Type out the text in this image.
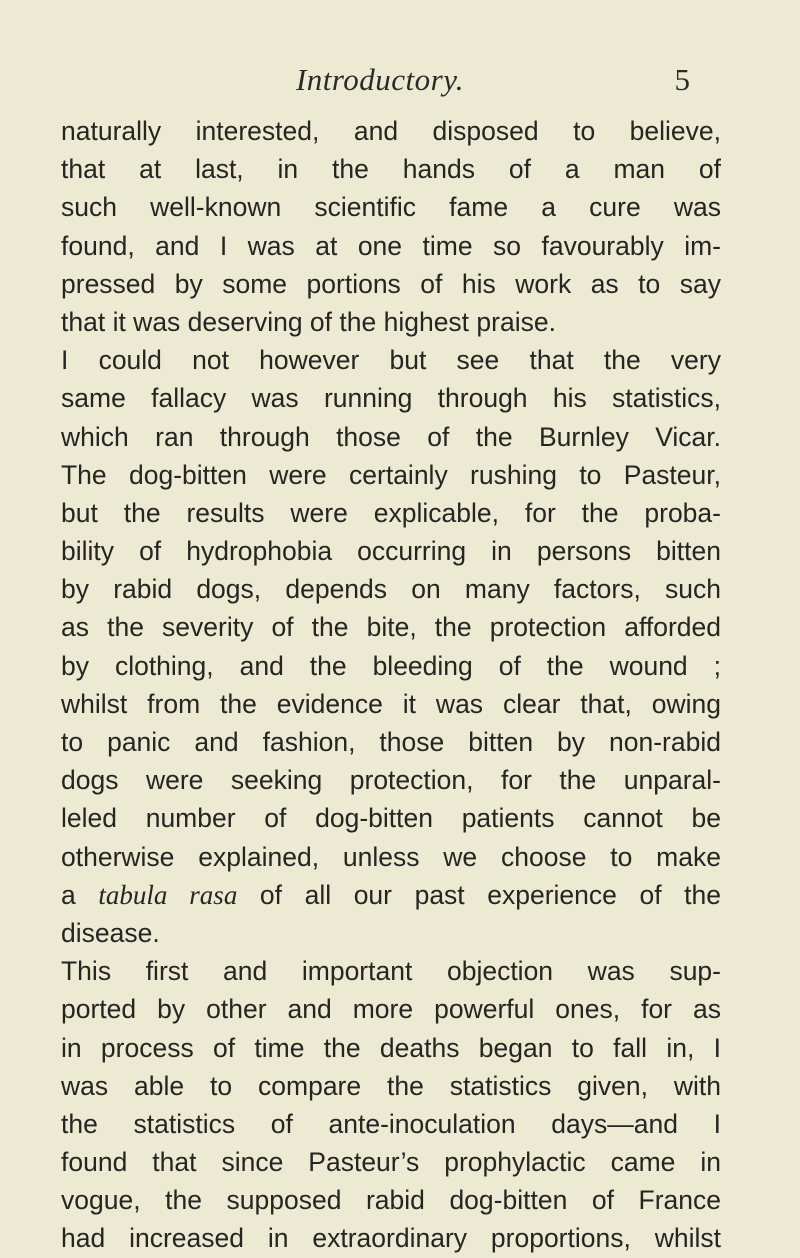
Introductory.	5
naturally interested, and disposed to believe,
that at last, in the hands of a man of
such well-known scientific fame a cure was
found, and I was at one time so favourably im-
pressed by some portions of his work as to say
that it was deserving of the highest praise.
I could not however but see that the very
same fallacy was running through his statistics,
which ran through those of the Burnley Vicar.
The dog-bitten were certainly rushing to Pasteur,
but the results were explicable, for the proba-
bility of hydrophobia occurring in persons bitten
by rabid dogs, depends on many factors, such
as the severity of the bite, the protection afforded
by clothing, and the bleeding of the wound ;
whilst from the evidence it was clear that, owing
to panic and fashion, those bitten by non-rabid
dogs were seeking protection, for the unparal-
leled number of dog-bitten patients cannot be
otherwise explained, unless we choose to make
a tabula rasa of all our past experience of the
disease.
This first and important objection was sup-
ported by other and more powerful ones, for as
in process of time the deaths began to fall in, I
was able to compare the statistics given, with
the statistics of ante-inoculation days—and I
found that since Pasteur’s prophylactic came in
vogue, the supposed rabid dog-bitten of France
had increased in extraordinary proportions, whilst
